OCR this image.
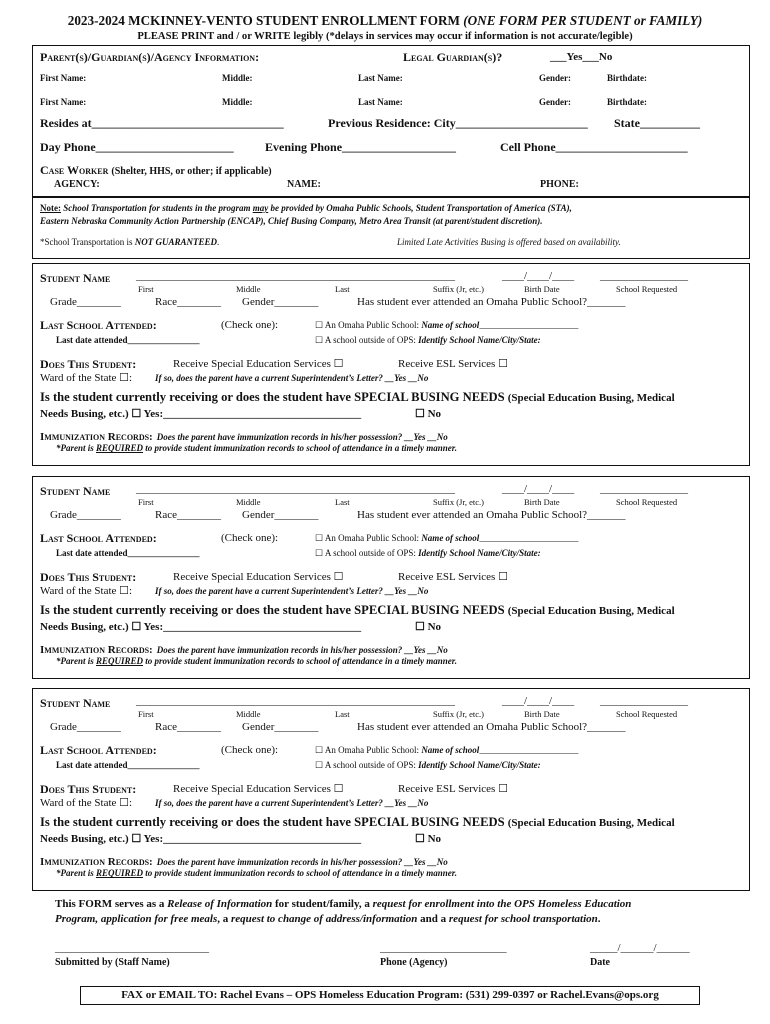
2023-2024 MCKINNEY-VENTO STUDENT ENROLLMENT FORM (ONE FORM PER STUDENT or FAMILY)
PLEASE PRINT and / or WRITE legibly (*delays in services may occur if information is not accurate/legible)
Parent(s)/Guardian(s)/Agency Information:	Legal Guardian(s)?	___Yes___No
First Name:	Middle:	Last Name:	Gender:	Birthdate:
First Name:	Middle:	Last Name:	Gender:	Birthdate:
Resides at________________________________	Previous Residence: City______________________ State__________
Day Phone_______________________	Evening Phone___________________	Cell Phone______________________
Case Worker (Shelter, HHS, or other; if applicable)
AGENCY:	NAME:	PHONE:
Note: School Transportation for students in the program may be provided by Omaha Public Schools, Student Transportation of America (STA),
Eastern Nebraska Community Action Partnership (ENCAP), Chief Busing Company, Metro Area Transit (at parent/student discretion).
*School Transportation is NOT GUARANTEED.	Limited Late Activities Busing is offered based on availability.
Student Name __________________________________________________________	____/____/____ ________________
First	Middle	Last	Suffix (Jr, etc.)	Birth Date	School Requested
Grade________	Race________ Gender________	Has student ever attended an Omaha Public School?_______
Last School Attended:	(Check one):	☐ An Omaha Public School: Name of school______________________
Last date attended________________	☐ A school outside of OPS: Identify School Name/City/State:
Does This Student:	Receive Special Education Services ☐	Receive ESL Services ☐
Ward of the State ☐:	If so, does the parent have a current Superintendent’s Letter? __Yes __No
Is the student currently receiving or does the student have SPECIAL BUSING NEEDS (Special Education Busing, Medical
Needs Busing, etc.) ☐ Yes:____________________________________	☐ No
Immunization Records: Does the parent have immunization records in his/her possession? __Yes __No
*Parent is REQUIRED to provide student immunization records to school of attendance in a timely manner.
Student Name __________________________________________________________	____/____/____ ________________
First	Middle	Last	Suffix (Jr, etc.)	Birth Date	School Requested
Grade________	Race________ Gender________	Has student ever attended an Omaha Public School?_______
Last School Attended:	(Check one):	☐ An Omaha Public School: Name of school______________________
Last date attended________________	☐ A school outside of OPS: Identify School Name/City/State:
Does This Student:	Receive Special Education Services ☐	Receive ESL Services ☐
Ward of the State ☐:	If so, does the parent have a current Superintendent’s Letter? __Yes __No
Is the student currently receiving or does the student have SPECIAL BUSING NEEDS (Special Education Busing, Medical
Needs Busing, etc.) ☐ Yes:____________________________________	☐ No
Immunization Records: Does the parent have immunization records in his/her possession? __Yes __No
*Parent is REQUIRED to provide student immunization records to school of attendance in a timely manner.
Student Name __________________________________________________________	____/____/____ ________________
First	Middle	Last	Suffix (Jr, etc.)	Birth Date	School Requested
Grade________	Race________ Gender________	Has student ever attended an Omaha Public School?_______
Last School Attended:	(Check one):	☐ An Omaha Public School: Name of school______________________
Last date attended________________	☐ A school outside of OPS: Identify School Name/City/State:
Does This Student:	Receive Special Education Services ☐	Receive ESL Services ☐
Ward of the State ☐:	If so, does the parent have a current Superintendent’s Letter? __Yes __No
Is the student currently receiving or does the student have SPECIAL BUSING NEEDS (Special Education Busing, Medical
Needs Busing, etc.) ☐ Yes:____________________________________	☐ No
Immunization Records: Does the parent have immunization records in his/her possession? __Yes __No
*Parent is REQUIRED to provide student immunization records to school of attendance in a timely manner.
This FORM serves as a Release of Information for student/family, a request for enrollment into the OPS Homeless Education
Program, application for free meals, a request to change of address/information and a request for school transportation.
____________________________	_______________________	_____/______/______
Submitted by (Staff Name)	Phone (Agency)	Date
FAX or EMAIL TO: Rachel Evans – OPS Homeless Education Program: (531) 299-0397 or Rachel.Evans@ops.org
